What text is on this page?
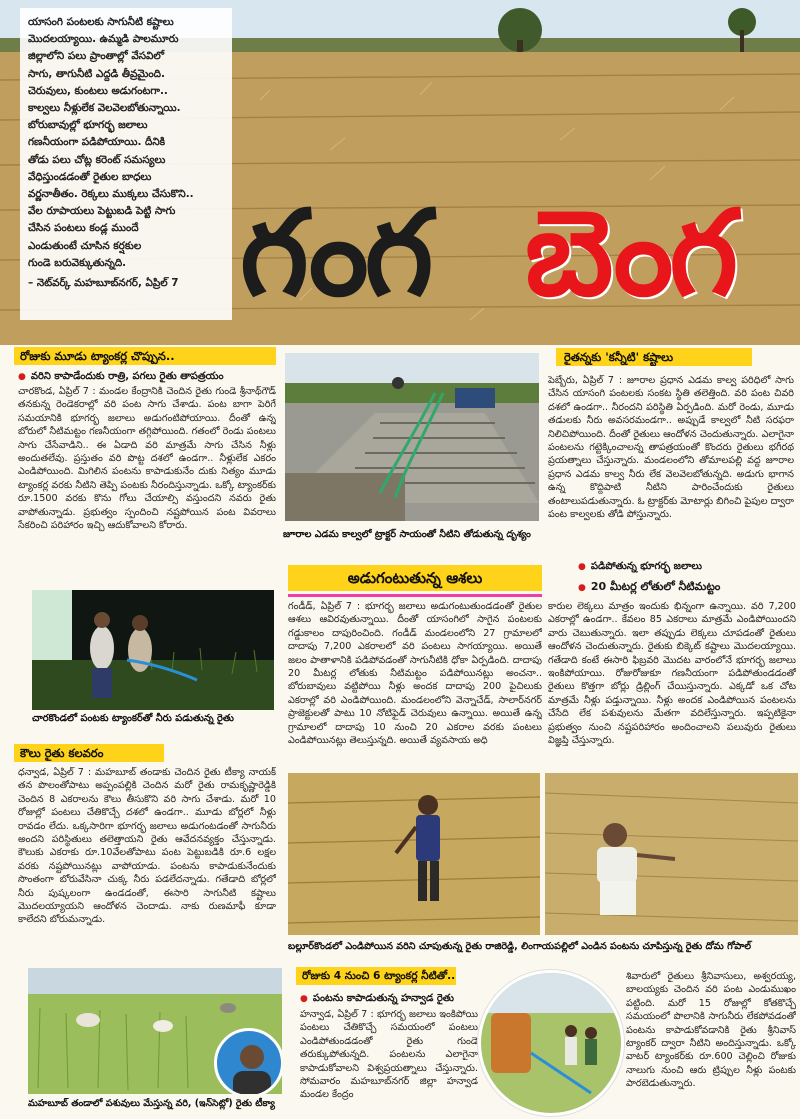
యాసంగి పంటలకు సాగునీటి కష్టాలు
మొదలయ్యాయి. ఉమ్మడి పాలమూరు
జిల్లాలోని పలు ప్రాంతాల్లో వేసవిలో
సాగు, తాగునీటి ఎద్దడి తీవ్రమైంది.
చెరువులు, కుంటలు అడుగంటగా..
కాల్వలు నీళ్లులేక వెలవెలబోతున్నాయి.
బోరుబావుల్లో భూగర్భ జలాలు
గణనీయంగా పడిపోయాయి. దీనికి
తోడు పలు చోట్ల కరెంట్ సమస్యలు
వేధిస్తుండడంతో రైతుల బాధలు
వర్ణనాతీతం. రెక్కలు ముక్కలు చేసుకొని..
వేల రూపాయలు పెట్టుబడి పెట్టి సాగు
చేసిన పంటలు కండ్ల ముందే
ఎండుతుంటే చూసిన కర్షకుల
గుండె బరువెక్కుతున్నది.
– నెట్‌వర్క్ మహబూబ్‌నగర్, ఏప్రిల్ 7 గంగ బెంగ
రోజుకు మూడు ట్యాంకర్ల చొప్పున..
● వరిని కాపాడేందుకు రాత్రి, పగలు రైతు తాపత్రయం
చారకొండ, ఏప్రిల్ 7 : మండల కేంద్రానికి చెందిన రైతు గుండె శ్రీనాథ్‌గౌడ్ తనకున్న రెండెకరాల్లో వరి పంట సాగు చేశాడు. పంట బాగా పెరిగే సమయానికి భూగర్భ జలాలు అడుగంటిపోయాయి. దీంతో ఉన్న బోరులో నీటిమట్టం గణనీయంగా తగ్గిపోయింది. గతంలో రెండు పంటలు సాగు చేసేవాడిని.. ఈ ఏడాది వరి మాత్రమే సాగు చేసిన నీళ్లు అందుతలేవు. ప్రస్తుతం వరి పొట్ట దశలో ఉండగా.. నీళ్లులేక ఎకరం ఎండిపోయింది. మిగిలిన పంటను కాపాడుకునేం దుకు నిత్యం మూడు ట్యాంకర్ల వరకు నీటిని తెప్పి పంటకు నీరందిస్తున్నాడు. ఒక్కో ట్యాంకర్‌కు రూ.1500 వరకు కొను గోలు చేయాల్సి వస్తుందని నవరు రైతు వాపోతున్నాడు. ప్రభుత్వం స్పందించి నష్టపోయిన పంట వివరాలు సేకరించి పరిహారం ఇచ్చి ఆదుకోవాలని కోరారు.
చారకొండలో పంటకు ట్యాంకర్‌తో నీరు పడుతున్న రైతు
కౌలు రైతు కలవరం
ధన్వాడ, ఏప్రిల్ 7 : మహబూబ్ తండాకు చెందిన రైతు టీక్యా నాయక్ తన పొలంతోపాటు అప్పంపల్లికి చెందిన మరో రైతు రామకృష్ణారెడ్డికి చెందిన 8 ఎకరాలను కౌలు తీసుకొని వరి సాగు చేశాడు. మరో 10 రోజుల్లో పంటలు చేతికొచ్చే దశలో ఉండగా.. మూడు బోర్లలో నీళ్లు రావడం లేదు. ఒక్కసారిగా భూగర్భ జలాలు అడుగంటడంతో సాగునీరు అందని పరిస్థితులు తలెత్తాయని రైతు ఆవేదనవ్యక్తం చేస్తున్నాడు. కౌలుకు ఎకరాకు రూ.10వేలతోపాటు పంట పెట్టుబడికి రూ.6 లక్షల వరకు నష్టపోయినట్లు వాపోయాడు. పంటను కాపాడుకునేందుకు సొంతంగా బోరువేసినా చుక్క నీరు పడలేదన్నాడు. గతేడాది బోర్లలో నీరు పుష్కలంగా ఉండడంతో, ఈసారి సాగునీటి కష్టాలు మొదలయ్యాయని ఆందోళన చెందాడు. నాకు రుణమాఫీ కూడా కాలేదని బోరుమన్నాడు.
మహబూబ్ తండాలో పశువులు మేస్తున్న వరి, (ఇన్‌సెట్లో) రైతు టీక్యా
జూరాల ఎడమ కాల్వలో ట్రాక్టర్ సాయంతో నీటిని తోడుతున్న దృశ్యం
రైతన్నకు 'కన్నీటి' కష్టాలు
పెబ్బేరు, ఏప్రిల్ 7 : జూరాల ప్రధాన ఎడమ కాల్వ పరిధిలో సాగు చేసిన యాసంగి పంటలకు సంకట స్థితి తలెత్తింది. వరి పంట చివరి దశలో ఉండగా.. నీరందని పరిస్థితి ఏర్పడింది. మరో రెండు, మూడు తడులకు నీరు అవసరమండగా.. అప్పుడే కాల్వలో నీటి సరఫరా నిలిచిపోయింది. దీంతో రైతులు ఆందోళన చెందుతున్నారు. ఎలాగైనా పంటలను గట్టెక్కించాలన్న తాపత్రయంతో కొందరు రైతులు భగీరథ ప్రయత్నాలు చేస్తున్నారు. మండలంలోని తోమాలపల్లి వద్ద జూరాల ప్రధాన ఎడమ కాల్వ నీరు లేక వెలవెలబోతున్నది. అడుగు భాగాన ఉన్న కొద్దిపాటి నీటిని పారించేందుకు రైతులు తంటాలుపడుతున్నారు. ఓ ట్రాక్టర్‌కు మోటార్లు బిగించి పైపుల ద్వారా పంట కాల్వలకు తోడి పోస్తున్నారు.
అడుగంటుతున్న ఆశలు
● పడిపోతున్న భూగర్భ జలాలు
● 20 మీటర్ల లోతులో నీటిమట్టం
గండీడ్, ఏప్రిల్ 7 : భూగర్భ జలాలు అడుగంటుతుండడంతో రైతుల ఆశలు ఆవిరవుతున్నాయి. దీంతో యాసంగిలో సాగైన పంటలకు గడ్డుకాలం దాపురించింది. గండీడ్ మండలంలోని 27 గ్రామాలలో దాదాపు 7,200 ఎకరాలలో వరి పంటలు సాగయ్యాయి. అయితే జలం పాతాళానికి పడిపోవడంతో సాగునీటికి ధోకా ఏర్పడింది. దాదాపు 20 మీటర్ల లోతుకు నీటిమట్టం పడిపోయినట్లు అంచనా.. బోరుబావులు వట్టిపోయి నీళ్లు అందక దాదాపు 200 పైచిలుకు ఎకరాల్లో వరి ఎండిపోయింది. మండలంలోని వెన్నాచేడ్, సాలార్‌నగర్ ప్రాజెక్టులతో పాటు 10 నోటిఫైడ్ చెరువులు ఉన్నాయి. అయితే ఉన్న గ్రామాలలో దాదాపు 10 నుంచి 20 ఎకరాల వరకు పంటలు ఎండిపోయినట్లు తెలుస్తున్నది. అయితే వ్యవసాయ అధి
కారుల లెక్కలు మాత్రం ఇందుకు భిన్నంగా ఉన్నాయి. వరి 7,200 ఎకరాల్లో ఉండగా.. కేవలం 85 ఎకరాలు మాత్రమే ఎండిపోయిందని వారు చెబుతున్నారు. ఇలా తప్పుడు లెక్కలు చూపడంతో రైతులు ఆందోళన చెందుతున్నారు. రైతుకు బిక్కెట్ కష్టాలు మొదలయ్యాయి. గతేడాది కంటే ఈసారి ఫిబ్రవరి మొదట వారంలోనే భూగర్భ జలాలు ఇంకిపోయాయి. రోజురోజుకూ గణనీయంగా పడిపోతుండడంతో రైతులు కొత్తగా బోర్లు డ్రిల్లింగ్ చేయిస్తున్నారు. ఎక్కడో ఒక చోట మాత్రమే నీళ్లు పడ్తున్నాయి. నీళ్లు అందక ఎండిపోయిన పంటలను చేసేది లేక పశువులను మేతగా వదిలేస్తున్నారు. ఇప్పటికైనా ప్రభుత్వం నుంచి నష్టపరిహారం అందించాలని పలువురు రైతులు విజ్ఞప్తి చేస్తున్నారు.
బల్లూర్‌కొండలో ఎండిపోయిన వరిని చూపుతున్న రైతు రాజిరెడ్డి, లింగాయపల్లిలో ఎండిన పంటను చూపిస్తున్న రైతు దోమ గోపాల్
రోజుకు 4 నుంచి 6 ట్యాంకర్ల నీటితో..
● పంటను కాపాడుతున్న హన్వాడ రైతు
హన్వాడ, ఏప్రిల్ 7 : భూగర్భ జలాలు ఇంకిపోయి పంటలు చేతికొచ్చే సమయంలో పంటలు ఎండిపోతుండడంతో రైతు గుండె తరుక్కుపోతున్నది. పంటలను ఎలాగైనా కాపాడుకోవాలని విశ్వప్రయత్నాలు చేస్తున్నారు. సోమవారం మహబూబ్‌నగర్ జిల్లా హన్వాడ మండల కేంద్రం
శివారులో రైతులు శ్రీనివాసులు, అశ్వరయ్య, బాలయ్యకు చెందిన వరి పంట ఎండుముఖం పట్టింది. మరో 15 రోజుల్లో కోతకొచ్చే సమయంలో పొలానికి సాగునీరు లేకపోవడంతో పంటను కాపాడుకోవడానికి రైతు శ్రీనివాస్ ట్యాంకర్ ద్వారా నీటిని అందిస్తున్నాడు. ఒక్కో వాటర్ ట్యాంకర్‌కు రూ.600 చెల్లించి రోజుకు నాలుగు నుంచి ఆరు ట్రిప్పుల నీళ్లు పంటకు పారబెడుతున్నారు.
